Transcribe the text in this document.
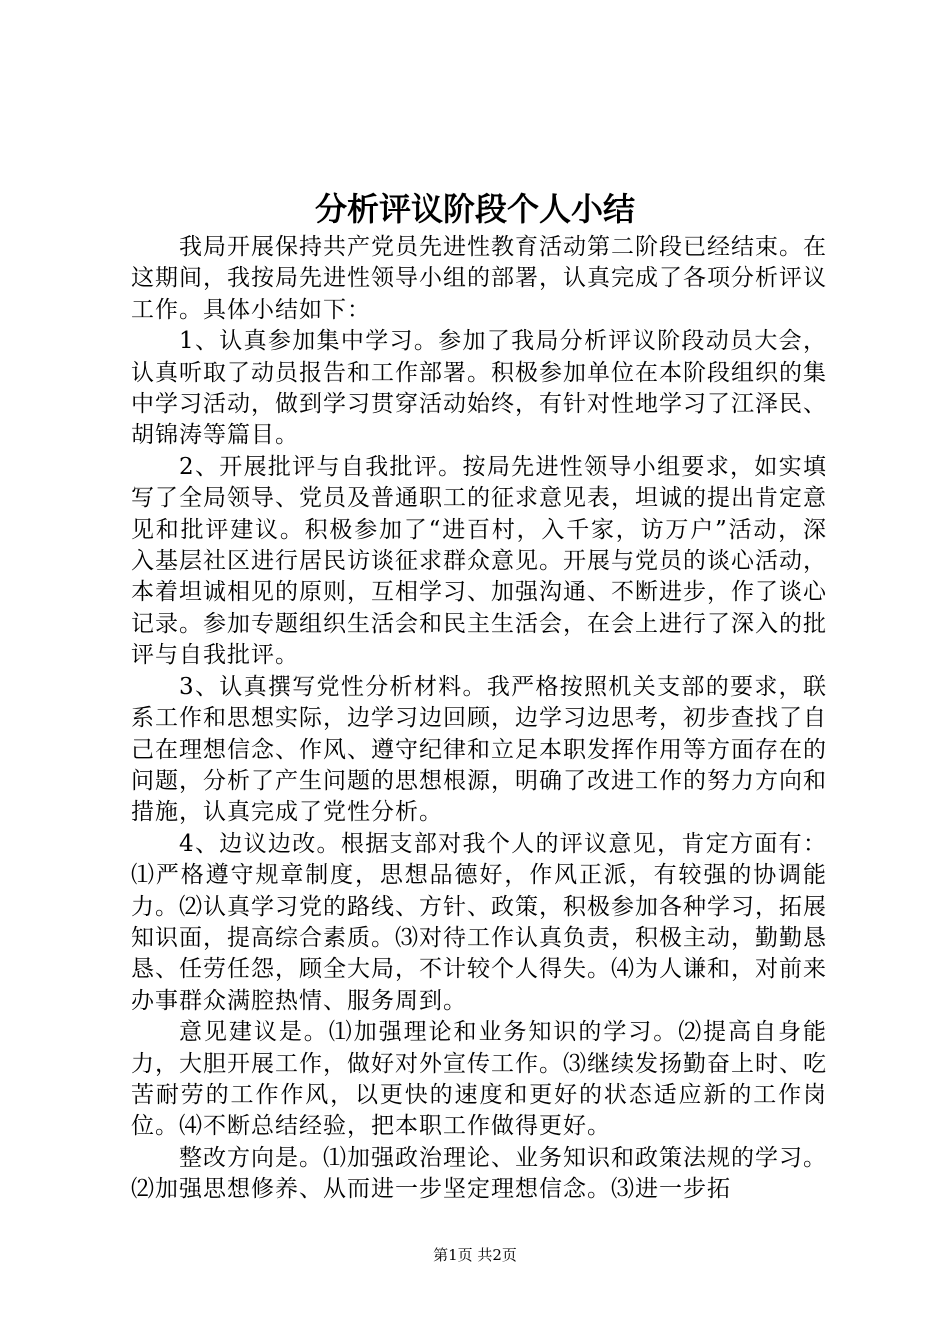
分析评议阶段个人小结

我局开展保持共产党员先进性教育活动第二阶段已经结束。在这期间，我按局先进性领导小组的部署，认真完成了各项分析评议工作。具体小结如下：

1、认真参加集中学习。参加了我局分析评议阶段动员大会，认真听取了动员报告和工作部署。积极参加单位在本阶段组织的集中学习活动，做到学习贯穿活动始终，有针对性地学习了江泽民、胡锦涛等篇目。

2、开展批评与自我批评。按局先进性领导小组要求，如实填写了全局领导、党员及普通职工的征求意见表，坦诚的提出肯定意见和批评建议。积极参加了“进百村，入千家，访万户”活动，深入基层社区进行居民访谈征求群众意见。开展与党员的谈心活动，本着坦诚相见的原则，互相学习、加强沟通、不断进步，作了谈心记录。参加专题组织生活会和民主生活会，在会上进行了深入的批评与自我批评。

3、认真撰写党性分析材料。我严格按照机关支部的要求，联系工作和思想实际，边学习边回顾，边学习边思考，初步查找了自己在理想信念、作风、遵守纪律和立足本职发挥作用等方面存在的问题，分析了产生问题的思想根源，明确了改进工作的努力方向和措施，认真完成了党性分析。

4、边议边改。根据支部对我个人的评议意见，肯定方面有：⑴严格遵守规章制度，思想品德好，作风正派，有较强的协调能力。⑵认真学习党的路线、方针、政策，积极参加各种学习，拓展知识面，提高综合素质。⑶对待工作认真负责，积极主动，勤勤恳恳、任劳任怨，顾全大局，不计较个人得失。⑷为人谦和，对前来办事群众满腔热情、服务周到。

意见建议是。⑴加强理论和业务知识的学习。⑵提高自身能力，大胆开展工作，做好对外宣传工作。⑶继续发扬勤奋上时、吃苦耐劳的工作作风，以更快的速度和更好的状态适应新的工作岗位。⑷不断总结经验，把本职工作做得更好。

整改方向是。⑴加强政治理论、业务知识和政策法规的学习。⑵加强思想修养、从而进一步坚定理想信念。⑶进一步拓

第1页 共2页
